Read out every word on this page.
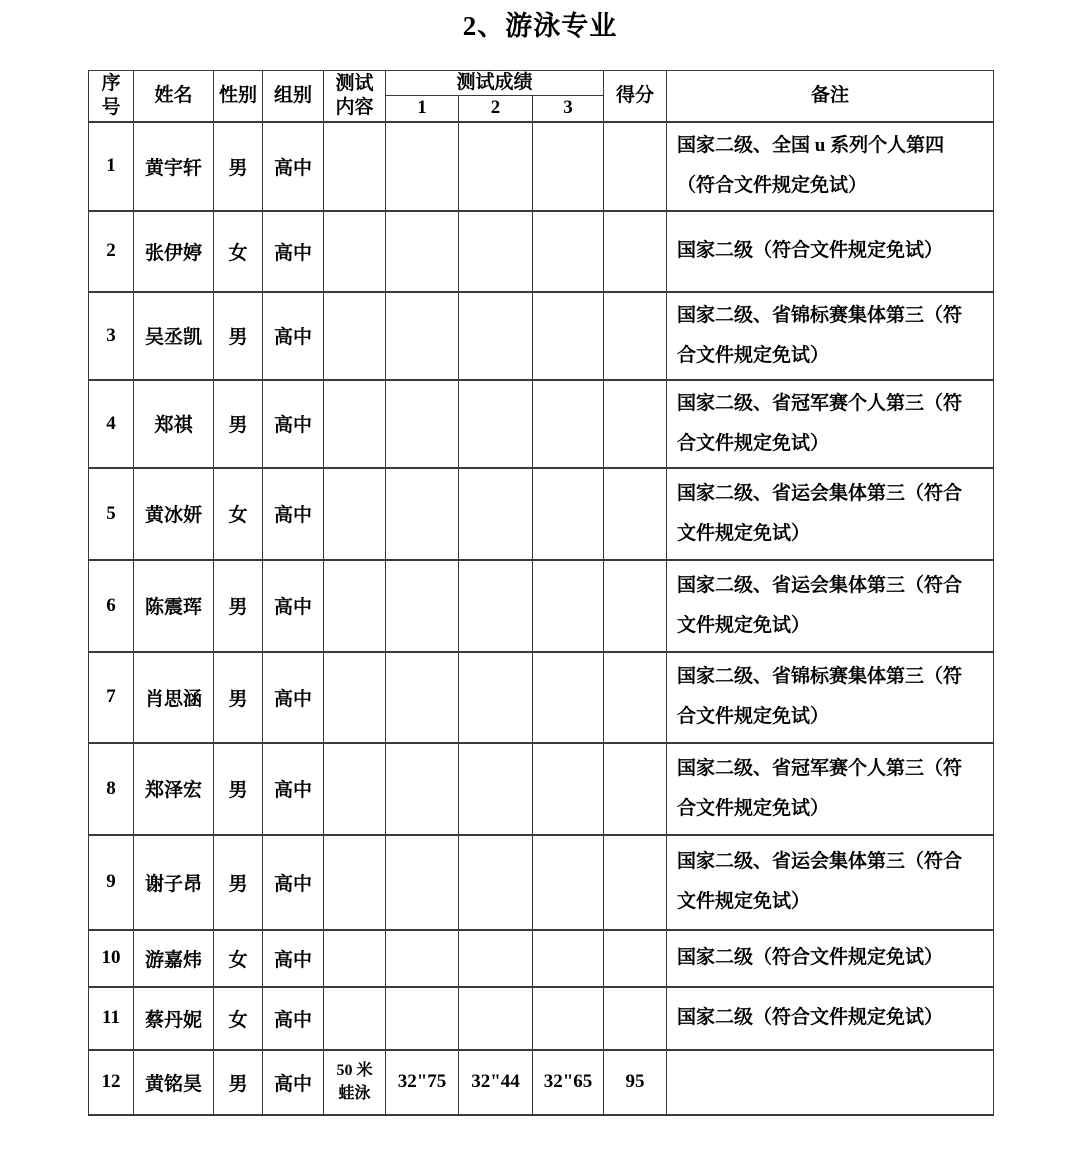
2、游泳专业
序号	姓名	性别	组别	测试内容	测试成绩			得分	备注
					1	2	3		
1	黄宇轩	男	高中						国家二级、全国 u 系列个人第四（符合文件规定免试）
2	张伊婷	女	高中						国家二级（符合文件规定免试）
3	吴丞凯	男	高中						国家二级、省锦标赛集体第三（符合文件规定免试）
4	郑祺	男	高中						国家二级、省冠军赛个人第三（符合文件规定免试）
5	黄冰妍	女	高中						国家二级、省运会集体第三（符合文件规定免试）
6	陈震珲	男	高中						国家二级、省运会集体第三（符合文件规定免试）
7	肖思涵	男	高中						国家二级、省锦标赛集体第三（符合文件规定免试）
8	郑泽宏	男	高中						国家二级、省冠军赛个人第三（符合文件规定免试）
9	谢子昂	男	高中						国家二级、省运会集体第三（符合文件规定免试）
10	游嘉炜	女	高中						国家二级（符合文件规定免试）
11	蔡丹妮	女	高中						国家二级（符合文件规定免试）
12	黄铭昊	男	高中	50 米蛙泳	32"75	32"44	32"65	95	
